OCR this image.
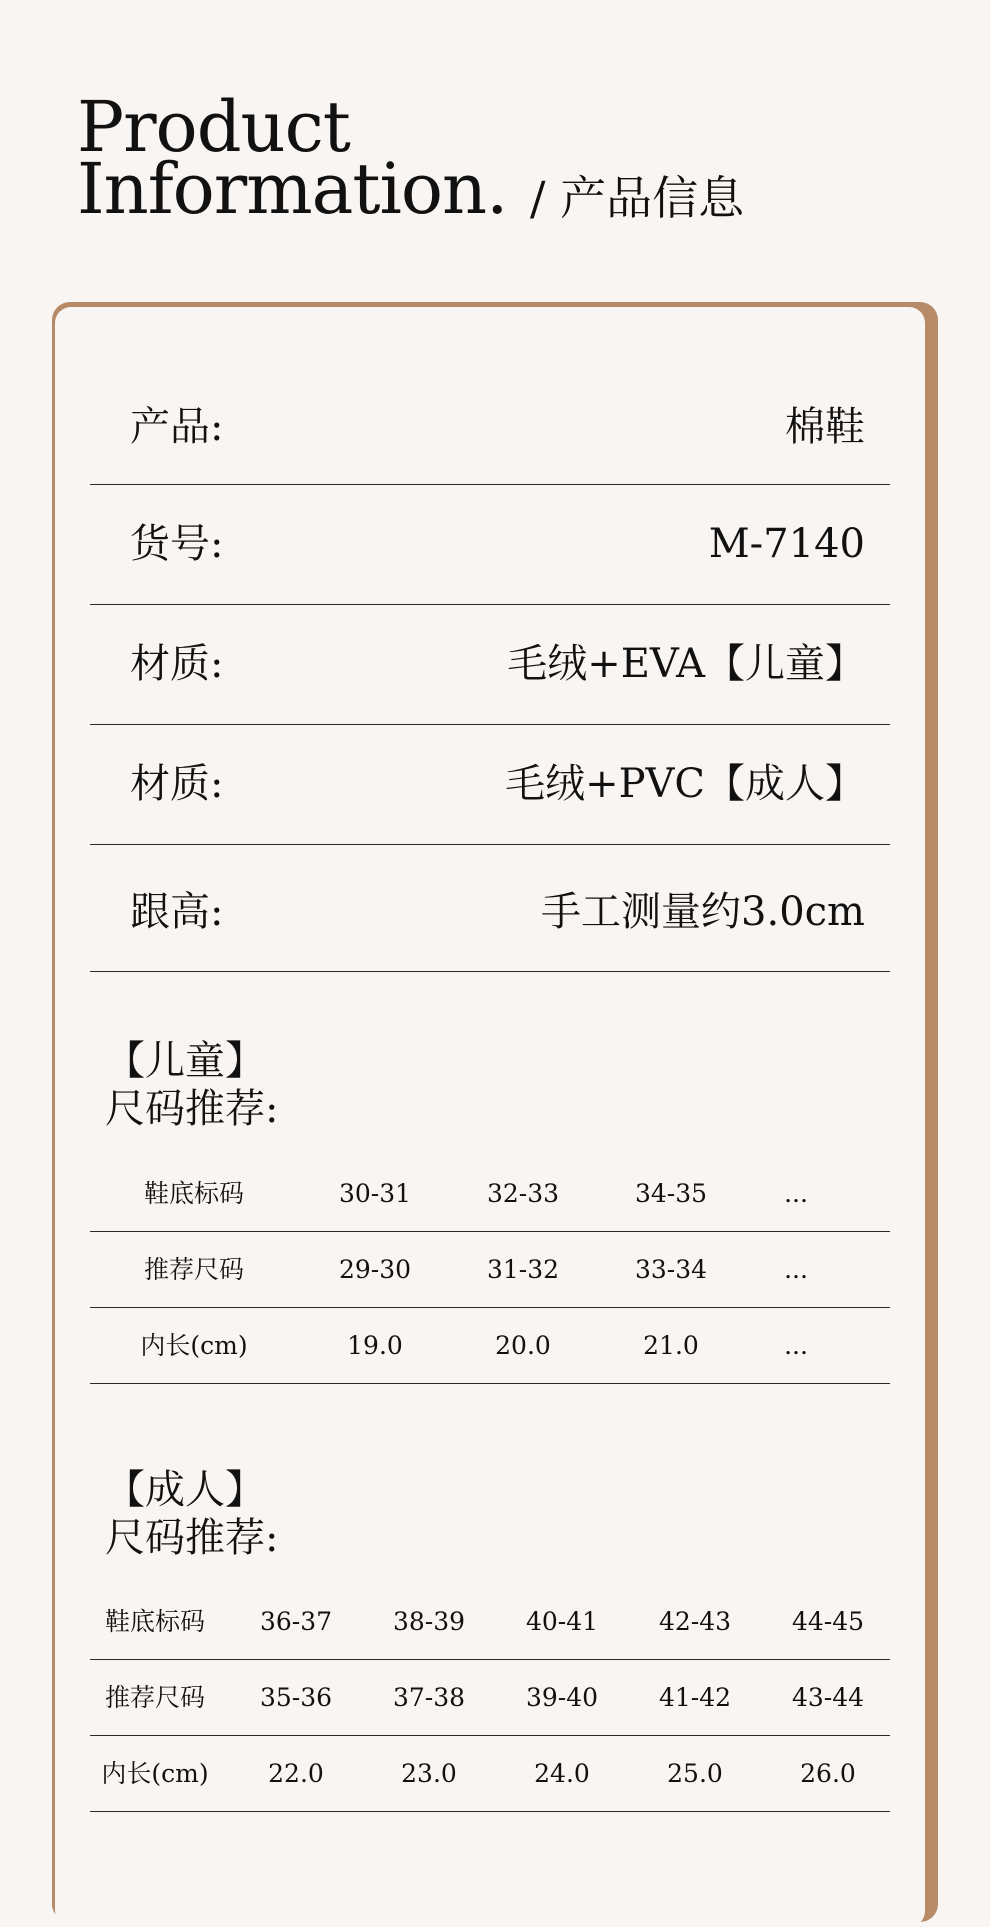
Product
Information. / 产品信息
产品:	棉鞋
货号:	M-7140
材质:	毛绒+EVA【儿童】
材质:	毛绒+PVC【成人】
跟高:	手工测量约3.0cm
【儿童】
尺码推荐:
鞋底标码	30-31	32-33	34-35	...
推荐尺码	29-30	31-32	33-34	...
内长(cm)	19.0	20.0	21.0	...
【成人】
尺码推荐:
鞋底标码	36-37	38-39	40-41	42-43	44-45
推荐尺码	35-36	37-38	39-40	41-42	43-44
内长(cm)	22.0	23.0	24.0	25.0	26.0
